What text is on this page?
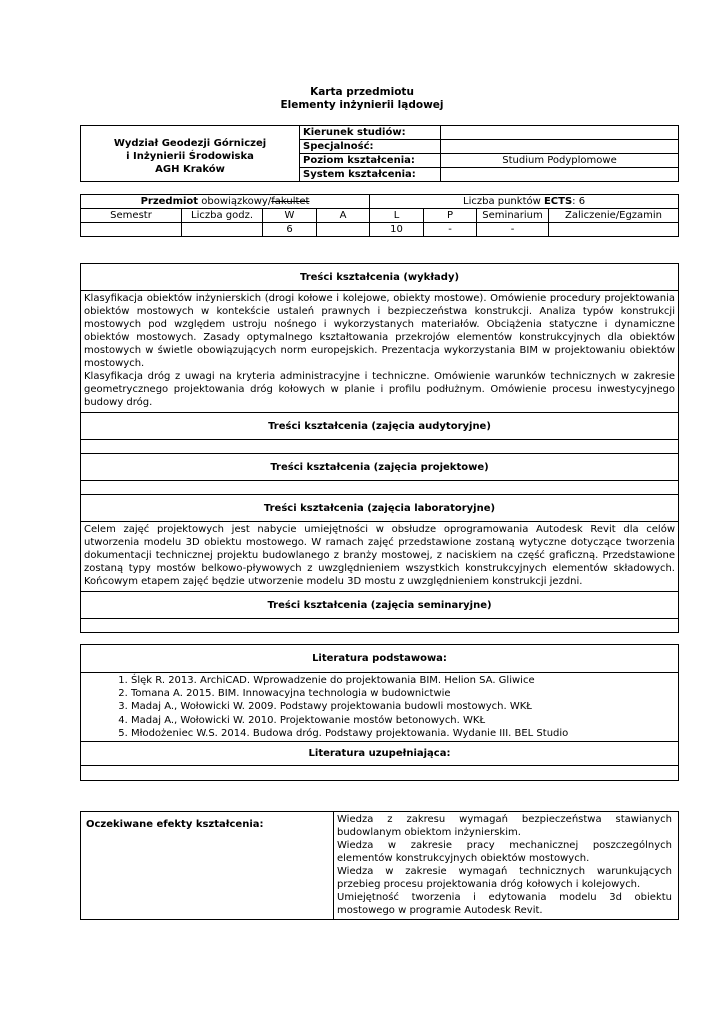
Karta przedmiotu
Elementy inżynierii lądowej
Wydział Geodezji Górniczej
i Inżynierii Środowiska
AGH Kraków	Kierunek studiów:	
	Specjalność:	
	Poziom kształcenia:	Studium Podyplomowe
	System kształcenia:	
Przedmiot obowiązkowy/fakultet				Liczba punktów ECTS: 6			
Semestr	Liczba godz.	W	A	L	P	Seminarium	Zaliczenie/Egzamin
		6		10	-	-	
Treści kształcenia (wykłady)

Klasyfikacja obiektów inżynierskich (drogi kołowe i kolejowe, obiekty mostowe). Omówienie procedury projektowania obiektów mostowych w kontekście ustaleń prawnych i bezpieczeństwa konstrukcji. Analiza typów konstrukcji mostowych pod względem ustroju nośnego i wykorzystanych materiałów. Obciążenia statyczne i dynamiczne obiektów mostowych. Zasady optymalnego kształtowania przekrojów elementów konstrukcyjnych dla obiektów mostowych w świetle obowiązujących norm europejskich. Prezentacja wykorzystania BIM w projektowaniu obiektów mostowych.
Klasyfikacja dróg z uwagi na kryteria administracyjne i techniczne. Omówienie warunków technicznych w zakresie geometrycznego projektowania dróg kołowych w planie i profilu podłużnym. Omówienie procesu inwestycyjnego budowy dróg.

Treści kształcenia (zajęcia audytoryjne)

Treści kształcenia (zajęcia projektowe)

Treści kształcenia (zajęcia laboratoryjne)
Celem zajęć projektowych jest nabycie umiejętności w obsłudze oprogramowania Autodesk Revit dla celów utworzenia modelu 3D obiektu mostowego. W ramach zajęć przedstawione zostaną wytyczne dotyczące tworzenia dokumentacji technicznej projektu budowlanego z branży mostowej, z naciskiem na część graficzną. Przedstawione zostaną typy mostów belkowo-pływowych z uwzględnieniem wszystkich konstrukcyjnych elementów składowych. Końcowym etapem zajęć będzie utworzenie modelu 3D mostu z uwzględnieniem konstrukcji jezdni.
Treści kształcenia (zajęcia seminaryjne)

Literatura podstawowa:

1. Ślęk R. 2013. ArchiCAD. Wprowadzenie do projektowania BIM. Helion SA. Gliwice
2. Tomana A. 2015. BIM. Innowacyjna technologia w budownictwie
3. Madaj A., Wołowicki W. 2009. Podstawy projektowania budowli mostowych. WKŁ
4. Madaj A., Wołowicki W. 2010. Projektowanie mostów betonowych. WKŁ
5. Młodożeniec W.S. 2014. Budowa dróg. Podstawy projektowania. Wydanie III. BEL Studio

Literatura uzupełniająca:

Oczekiwane efekty kształcenia:	Wiedza z zakresu wymagań bezpieczeństwa stawianych budowlanym obiektom inżynierskim.
Wiedza w zakresie pracy mechanicznej poszczególnych elementów konstrukcyjnych obiektów mostowych.
Wiedza w zakresie wymagań technicznych warunkujących przebieg procesu projektowania dróg kołowych i kolejowych.
Umiejętność tworzenia i edytowania modelu 3d obiektu mostowego w programie Autodesk Revit.
